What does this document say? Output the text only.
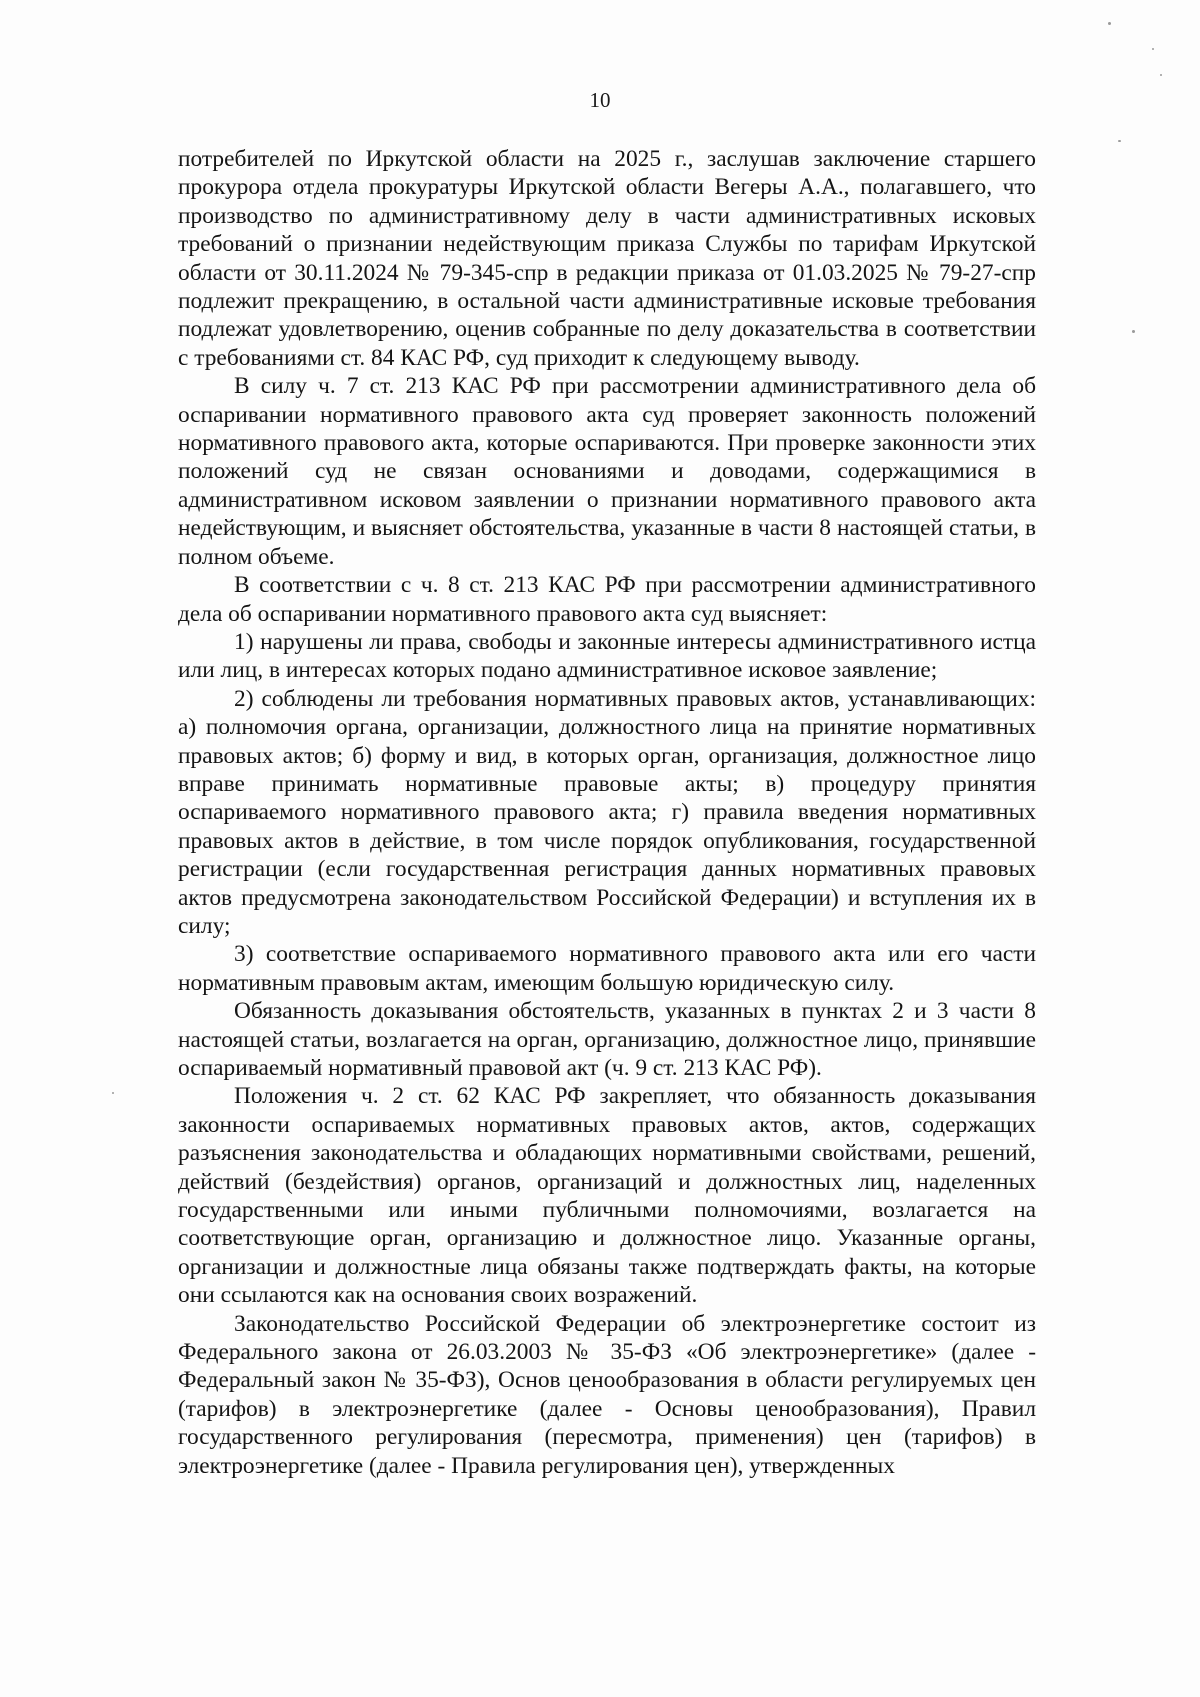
10

потребителей по Иркутской области на 2025 г., заслушав заключение старшего прокурора отдела прокуратуры Иркутской области Вегеры А.А., полагавшего, что производство по административному делу в части административных исковых требований о признании недействующим приказа Службы по тарифам Иркутской области от 30.11.2024 № 79-345-спр в редакции приказа от 01.03.2025 № 79-27-спр подлежит прекращению, в остальной части административные исковые требования подлежат удовлетворению, оценив собранные по делу доказательства в соответствии с требованиями ст. 84 КАС РФ, суд приходит к следующему выводу.

В силу ч. 7 ст. 213 КАС РФ при рассмотрении административного дела об оспаривании нормативного правового акта суд проверяет законность положений нормативного правового акта, которые оспариваются. При проверке законности этих положений суд не связан основаниями и доводами, содержащимися в административном исковом заявлении о признании нормативного правового акта недействующим, и выясняет обстоятельства, указанные в части 8 настоящей статьи, в полном объеме.

В соответствии с ч. 8 ст. 213 КАС РФ при рассмотрении административного дела об оспаривании нормативного правового акта суд выясняет:

1) нарушены ли права, свободы и законные интересы административного истца или лиц, в интересах которых подано административное исковое заявление;

2) соблюдены ли требования нормативных правовых актов, устанавливающих: а) полномочия органа, организации, должностного лица на принятие нормативных правовых актов; б) форму и вид, в которых орган, организация, должностное лицо вправе принимать нормативные правовые акты; в) процедуру принятия оспариваемого нормативного правового акта; г) правила введения нормативных правовых актов в действие, в том числе порядок опубликования, государственной регистрации (если государственная регистрация данных нормативных правовых актов предусмотрена законодательством Российской Федерации) и вступления их в силу;

3) соответствие оспариваемого нормативного правового акта или его части нормативным правовым актам, имеющим большую юридическую силу.

Обязанность доказывания обстоятельств, указанных в пунктах 2 и 3 части 8 настоящей статьи, возлагается на орган, организацию, должностное лицо, принявшие оспариваемый нормативный правовой акт (ч. 9 ст. 213 КАС РФ).

Положения ч. 2 ст. 62 КАС РФ закрепляет, что обязанность доказывания законности оспариваемых нормативных правовых актов, актов, содержащих разъяснения законодательства и обладающих нормативными свойствами, решений, действий (бездействия) органов, организаций и должностных лиц, наделенных государственными или иными публичными полномочиями, возлагается на соответствующие орган, организацию и должностное лицо. Указанные органы, организации и должностные лица обязаны также подтверждать факты, на которые они ссылаются как на основания своих возражений.

Законодательство Российской Федерации об электроэнергетике состоит из Федерального закона от 26.03.2003 № 35-ФЗ «Об электроэнергетике» (далее - Федеральный закон № 35-ФЗ), Основ ценообразования в области регулируемых цен (тарифов) в электроэнергетике (далее - Основы ценообразования), Правил государственного регулирования (пересмотра, применения) цен (тарифов) в электроэнергетике (далее - Правила регулирования цен), утвержденных
